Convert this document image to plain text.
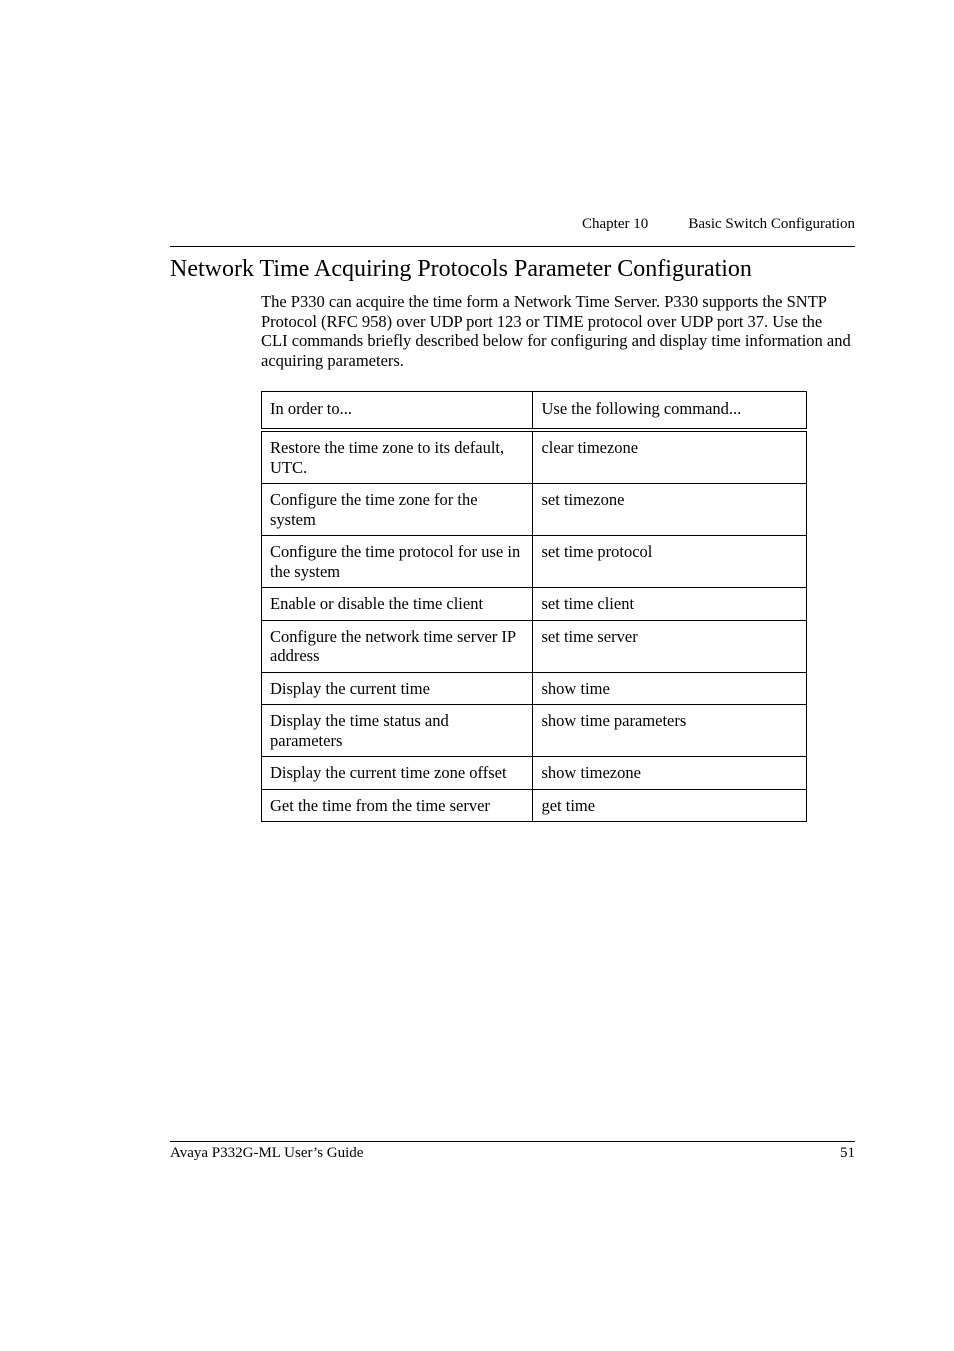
Chapter 10	Basic Switch Configuration
Network Time Acquiring Protocols Parameter Configuration

The P330 can acquire the time form a Network Time Server. P330 supports the SNTP Protocol (RFC 958) over UDP port 123 or TIME protocol over UDP port 37. Use the CLI commands briefly described below for configuring and display time information and acquiring parameters.

In order to...	Use the following command...
Restore the time zone to its default, UTC.	clear timezone
Configure the time zone for the system	set timezone
Configure the time protocol for use in the system	set time protocol
Enable or disable the time client	set time client
Configure the network time server IP address	set time server
Display the current time	show time
Display the time status and parameters	show time parameters
Display the current time zone offset	show timezone
Get the time from the time server	get time
Avaya P332G-ML User’s Guide	51
